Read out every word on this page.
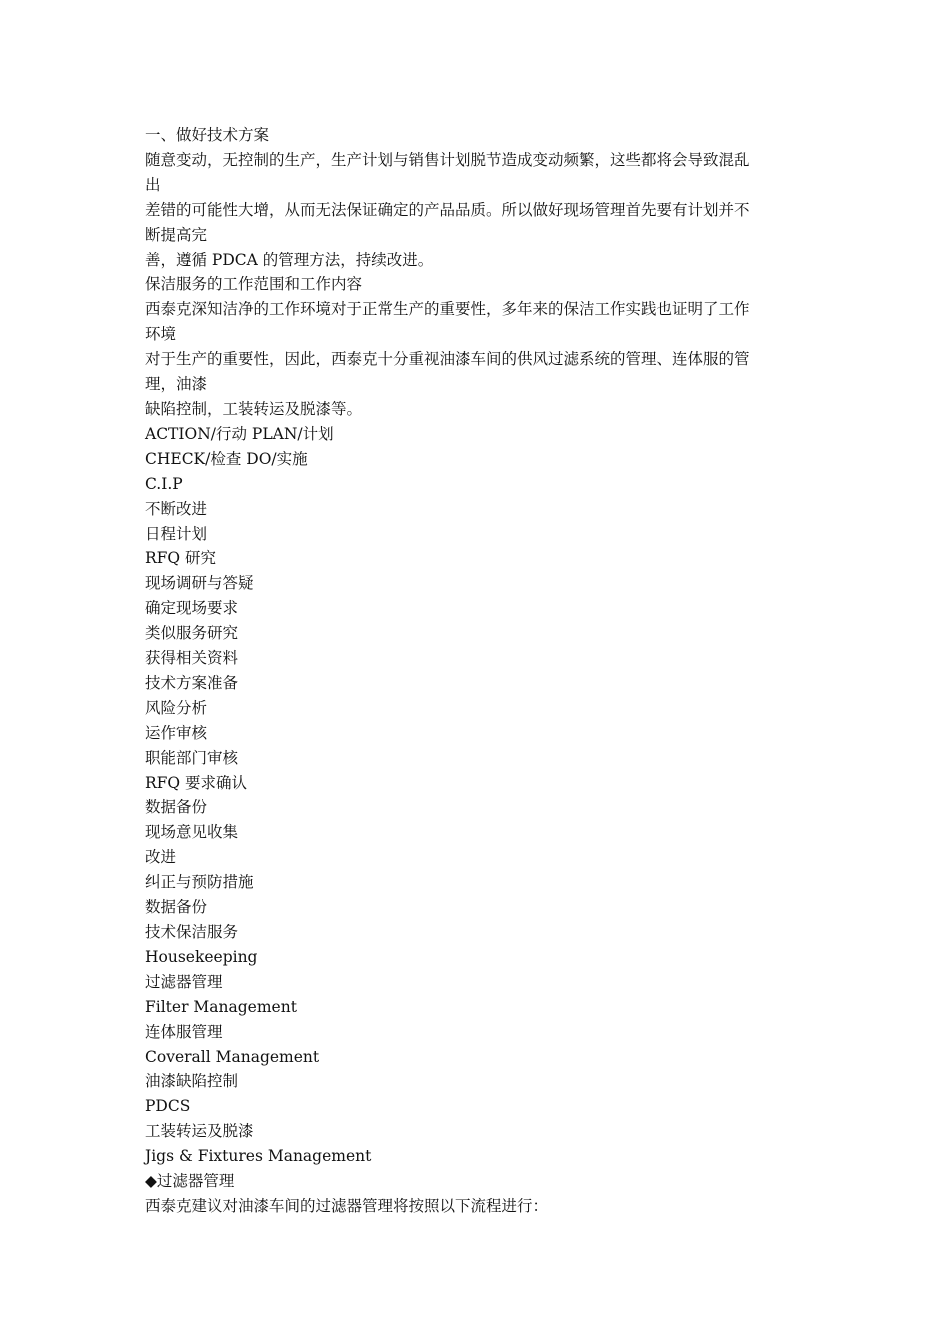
一、做好技术方案

随意变动，无控制的生产，生产计划与销售计划脱节造成变动频繁，这些都将会导致混乱

出

差错的可能性大增，从而无法保证确定的产品品质。所以做好现场管理首先要有计划并不

断提高完

善，遵循 PDCA 的管理方法，持续改进。

保洁服务的工作范围和工作内容

西泰克深知洁净的工作环境对于正常生产的重要性，多年来的保洁工作实践也证明了工作

环境

对于生产的重要性，因此，西泰克十分重视油漆车间的供风过滤系统的管理、连体服的管

理，油漆

缺陷控制，工装转运及脱漆等。

ACTION/行动 PLAN/计划

CHECK/检查 DO/实施

C.I.P

不断改进

日程计划

RFQ 研究

现场调研与答疑

确定现场要求

类似服务研究

获得相关资料

技术方案准备

风险分析

运作审核

职能部门审核

RFQ 要求确认

数据备份

现场意见收集

改进

纠正与预防措施

数据备份

技术保洁服务

Housekeeping

过滤器管理

Filter Management

连体服管理

Coverall Management

油漆缺陷控制

PDCS

工装转运及脱漆

Jigs & Fixtures Management

◆过滤器管理

西泰克建议对油漆车间的过滤器管理将按照以下流程进行：
